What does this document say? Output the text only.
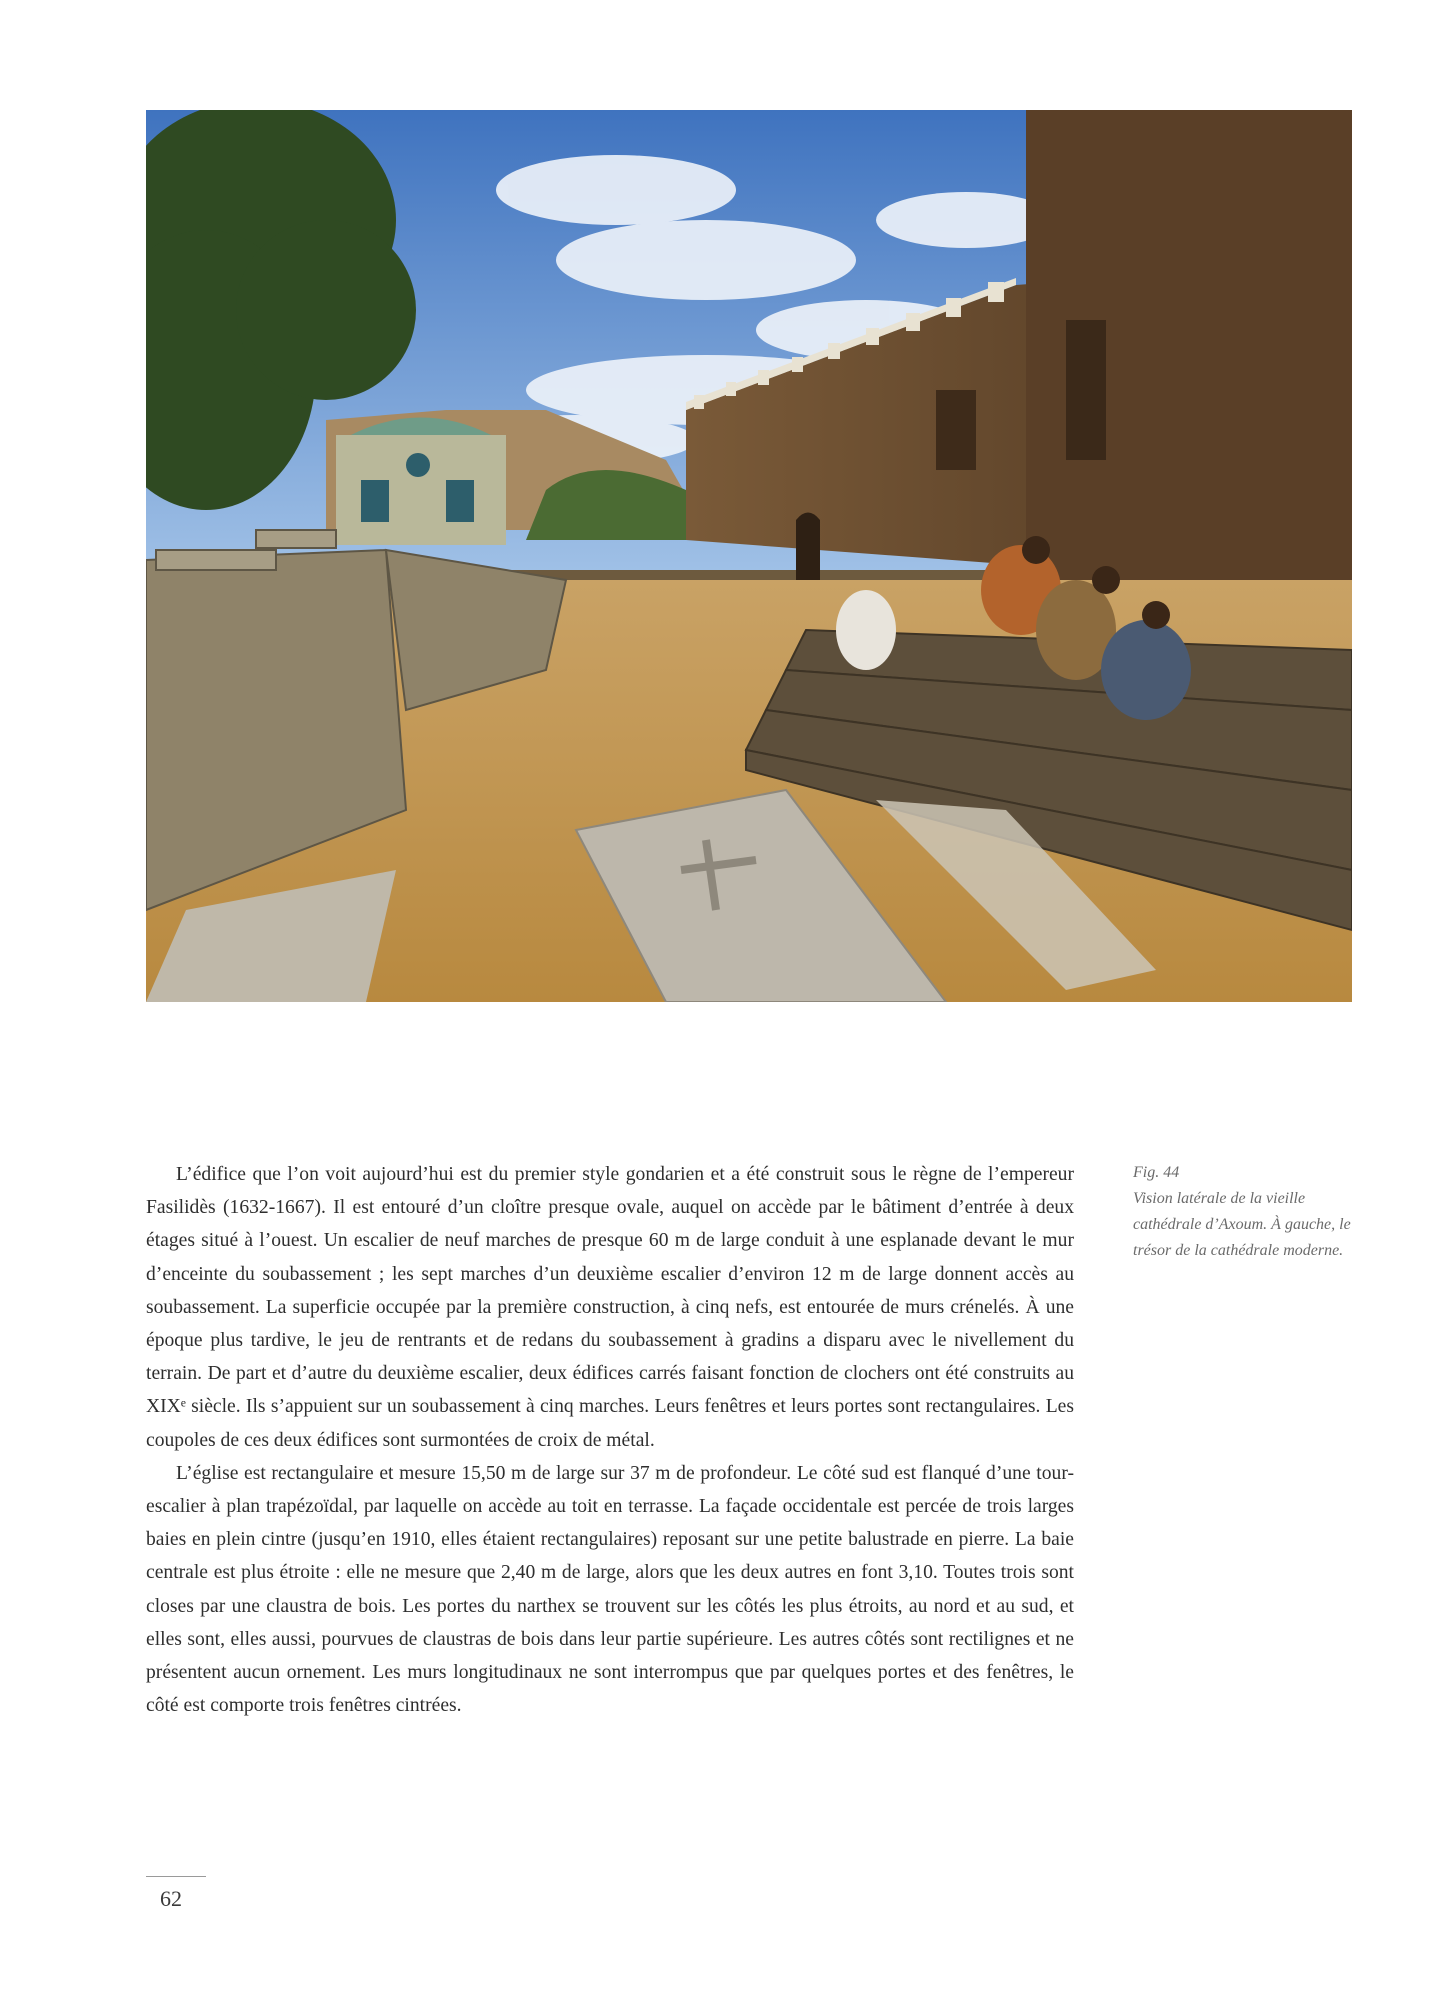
L’édifice que l’on voit aujourd’hui est du premier style gondarien et a été construit sous le règne de l’empereur Fasilidès (1632-1667). Il est entouré d’un cloître presque ovale, auquel on accède par le bâtiment d’entrée à deux étages situé à l’ouest. Un escalier de neuf marches de presque 60 m de large conduit à une esplanade devant le mur d’enceinte du soubassement ; les sept marches d’un deuxième escalier d’environ 12 m de large donnent accès au soubassement. La superficie occupée par la première construction, à cinq nefs, est entourée de murs crénelés. À une époque plus tardive, le jeu de rentrants et de redans du soubassement à gradins a disparu avec le nivellement du terrain. De part et d’autre du deuxième escalier, deux édifices carrés faisant fonction de clochers ont été construits au XIXᵉ siècle. Ils s’appuient sur un soubassement à cinq marches. Leurs fenêtres et leurs portes sont rectangulaires. Les coupoles de ces deux édifices sont surmontées de croix de métal.

L’église est rectangulaire et mesure 15,50 m de large sur 37 m de profondeur. Le côté sud est flanqué d’une tour-escalier à plan trapézoïdal, par laquelle on accède au toit en terrasse. La façade occidentale est percée de trois larges baies en plein cintre (jusqu’en 1910, elles étaient rectangulaires) reposant sur une petite balustrade en pierre. La baie centrale est plus étroite : elle ne mesure que 2,40 m de large, alors que les deux autres en font 3,10. Toutes trois sont closes par une claustra de bois. Les portes du narthex se trouvent sur les côtés les plus étroits, au nord et au sud, et elles sont, elles aussi, pourvues de claustras de bois dans leur partie supérieure. Les autres côtés sont rectilignes et ne présentent aucun ornement. Les murs longitudinaux ne sont interrompus que par quelques portes et des fenêtres, le côté est comporte trois fenêtres cintrées.

Fig. 44
Vision latérale de la vieille cathédrale d’Axoum. À gauche, le trésor de la cathédrale moderne.
62
